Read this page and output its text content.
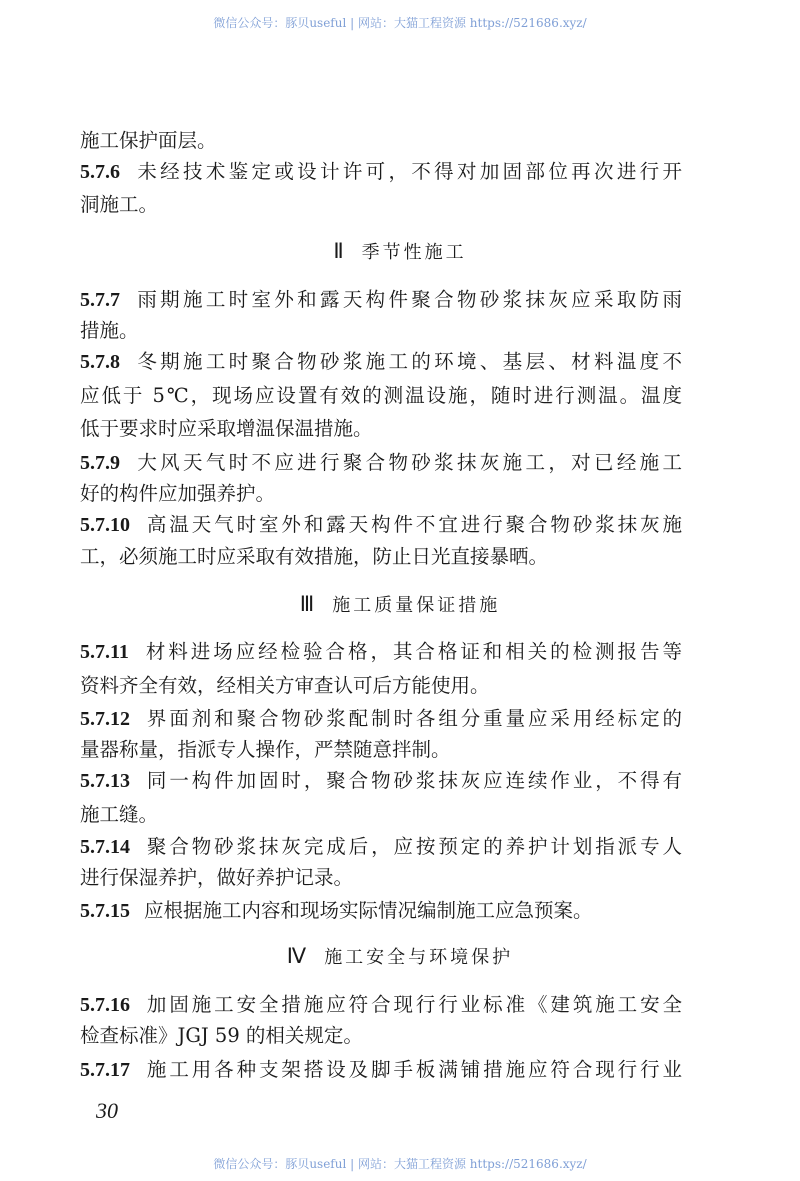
微信公众号：豚贝useful | 网站：大猫工程资源 https://521686.xyz/
施工保护面层。
5.7.6 未经技术鉴定或设计许可，不得对加固部位再次进行开
洞施工。
5.7.7 雨期施工时室外和露天构件聚合物砂浆抹灰应采取防雨
措施。
5.7.8 冬期施工时聚合物砂浆施工的环境、基层、材料温度不
应低于 5℃，现场应设置有效的测温设施，随时进行测温。温度
低于要求时应采取增温保温措施。
5.7.9 大风天气时不应进行聚合物砂浆抹灰施工，对已经施工
好的构件应加强养护。
5.7.10 高温天气时室外和露天构件不宜进行聚合物砂浆抹灰施
工，必须施工时应采取有效措施，防止日光直接暴晒。
5.7.11 材料进场应经检验合格，其合格证和相关的检测报告等
资料齐全有效，经相关方审查认可后方能使用。
5.7.12 界面剂和聚合物砂浆配制时各组分重量应采用经标定的
量器称量，指派专人操作，严禁随意拌制。
5.7.13 同一构件加固时，聚合物砂浆抹灰应连续作业，不得有
施工缝。
5.7.14 聚合物砂浆抹灰完成后，应按预定的养护计划指派专人
进行保湿养护，做好养护记录。
5.7.15 应根据施工内容和现场实际情况编制施工应急预案。
5.7.16 加固施工安全措施应符合现行行业标准《建筑施工安全
检查标准》JGJ 59 的相关规定。
5.7.17 施工用各种支架搭设及脚手板满铺措施应符合现行行业
Ⅱ 季节性施工
Ⅲ 施工质量保证措施
Ⅳ 施工安全与环境保护
30
微信公众号：豚贝useful | 网站：大猫工程资源 https://521686.xyz/
